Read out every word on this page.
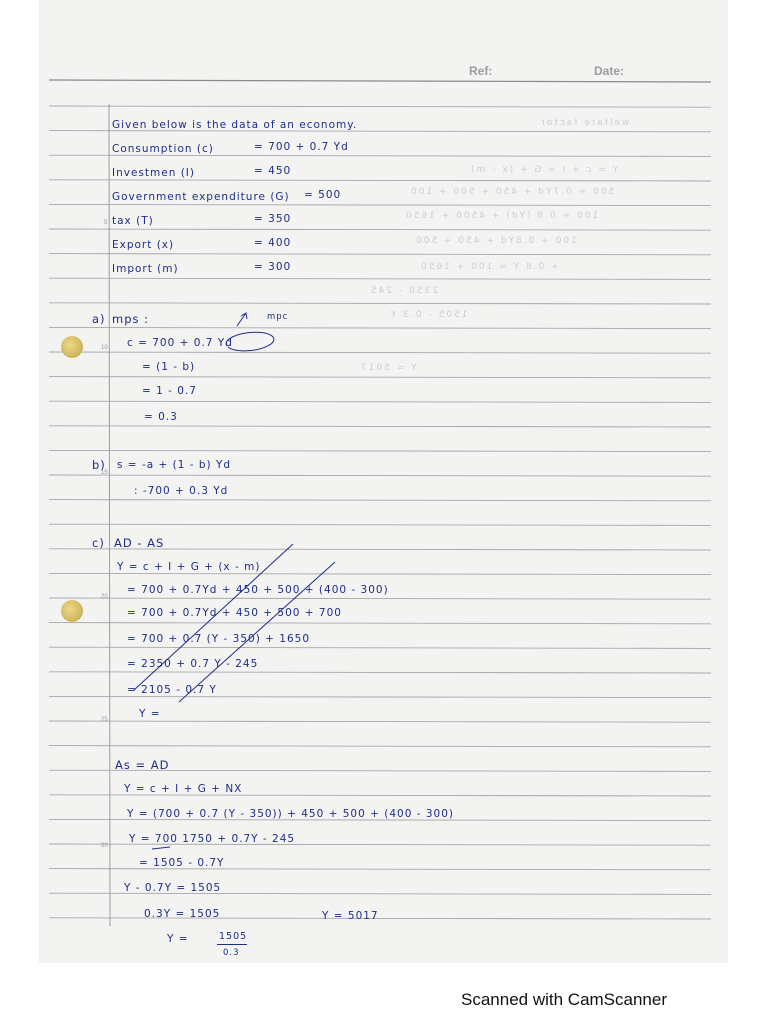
Ref:	Date:
welfare factor
Y = c + I + G + (x - m)
500 + 0.7Yd + 450 + 500 + 100
100 + 0.8 (Yd) + 4500 + 1650
100 + 0.8Yd + 450 + 500
+ 0.8 Y = 100 + 1650
2350 - 245
1505 - 0.3 Y
Y = 5017
5
10
15
20
25
30
Given below is the data of an economy.
Consumption (c)	= 700 + 0.7 Yd
Investmen (I)	= 450
Government expenditure (G) = 500
tax (T)	= 350
Export (x)	= 400
Import (m)	= 300
a) mps :	mpc
c = 700 + 0.7 Yd
= (1 - b)
= 1 - 0.7
= 0.3
b) s = -a + (1 - b) Yd
: -700 + 0.3 Yd
c) AD - AS
Y = c + I + G + (x - m)
= 700 + 0.7Yd + 450 + 500 + (400 - 300)
= 700 + 0.7Yd + 450 + 500 + 700
= 700 + 0.7 (Y - 350) + 1650
= 2350 + 0.7 Y - 245
= 2105 - 0.7 Y
Y =
As = AD
Y = c + I + G + NX
Y = (700 + 0.7 (Y - 350)) + 450 + 500 + (400 - 300)
Y = 700 1750 + 0.7Y - 245
= 1505 - 0.7Y
Y - 0.7Y = 1505
0.3Y = 1505	Y = 5017
Y =	1505
0.3
Scanned with CamScanner
